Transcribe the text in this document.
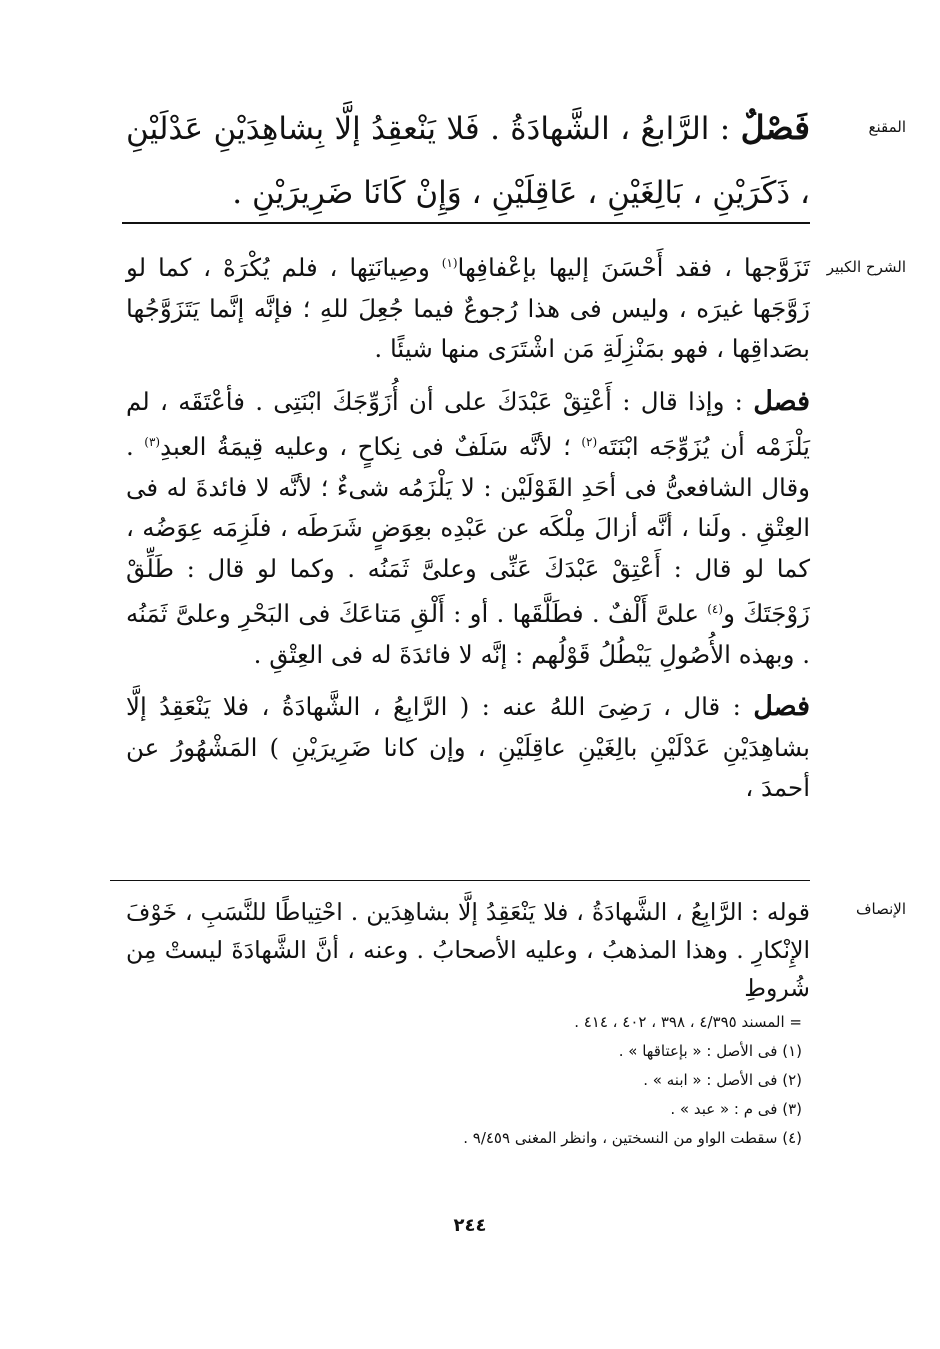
المقنع
فَصْلٌ : الرَّابعُ ، الشَّهادَةُ . فَلا يَنْعقِدُ إلَّا بِشاهِدَيْنِ عَدْلَيْنِ ، ذَكَرَيْنِ ، بَالِغَيْنِ ، عَاقِلَيْنِ ، وَإِنْ كَانَا ضَرِيرَيْنِ .
الشرح الكبير

تَزَوَّجها ، فقد أَحْسَنَ إليها بإعْفافِها$^{(١)}$ وصِيانَتِها ، فلم يُكْرَهْ ، كما لو زَوَّجَها غيرَه ، وليس فى هذا رُجوعٌ فيما جُعِلَ للهِ ؛ فإنَّه إنَّما يَتَزَوَّجُها بصَداقِها ، فهو بمَنْزِلَةِ مَن اشْتَرَى منها شيئًا .

فصل : وإذا قال : أَعْتِقْ عَبْدَكَ على أن أُزَوِّجَكَ ابْنَتِى . فأعْتَقَه ، لم يَلْزَمْه أن يُزَوِّجَه ابْنَتَه$^{(٢)}$ ؛ لأنَّه سَلَفٌ فى نِكاحٍ ، وعليه قِيمَةُ العبدِ$^{(٣)}$ . وقال الشافعىُّ فى أحَدِ القَوْلَيْن : لا يَلْزَمُه شىءٌ ؛ لأنَّه لا فائدةَ له فى العِتْقِ . ولَنا ، أنَّه أزالَ مِلْكَه عن عَبْدِه بعِوَضٍ شَرَطَه ، فلَزِمَه عِوَضُه ، كما لو قال : أَعْتِقْ عَبْدَكَ عَنِّى وعلىَّ ثَمَنُه . وكما لو قال : طَلِّقْ زَوْجَتَكَ و$^{(٤)}$ علىَّ أَلْفٌ . فطَلَّقَها . أو : أَلْقِ مَتاعَكَ فى البَحْرِ وعلىَّ ثَمَنُه . وبهذه الأُصُولِ يَبْطُلُ قَوْلُهم : إنَّه لا فائدَةَ له فى العِتْقِ .

فصل : قال ، رَضِىَ اللهُ عنه : ( الرَّابِعُ ، الشَّهادَةُ ، فلا يَنْعَقِدُ إلَّا بشاهِدَيْنِ عَدْلَيْنِ بالِغَيْنِ عاقِلَيْنِ ، وإن كانا ضَرِيرَيْنِ ) المَشْهُورُ عن أحمدَ ،

الإنصاف
قوله : الرَّابِعُ ، الشَّهادَةُ ، فلا يَنْعَقِدُ إلَّا بشاهِدَين . احْتِياطًا للنَّسَبِ ، خَوْفَ الإِنْكارِ . وهذا المذهبُ ، وعليه الأصحابُ . وعنه ، أنَّ الشَّهادَةَ ليستْ مِن شُروطِ
= المسند ٤/٣٩٥ ، ٣٩٨ ، ٤٠٢ ، ٤١٤ .
(١) فى الأصل : « بإعتاقها » .
(٢) فى الأصل : « ابنه » .
(٣) فى م : « عبد » .
(٤) سقطت الواو من النسختين ، وانظر المغنى ٩/٤٥٩ .
٢٤٤
